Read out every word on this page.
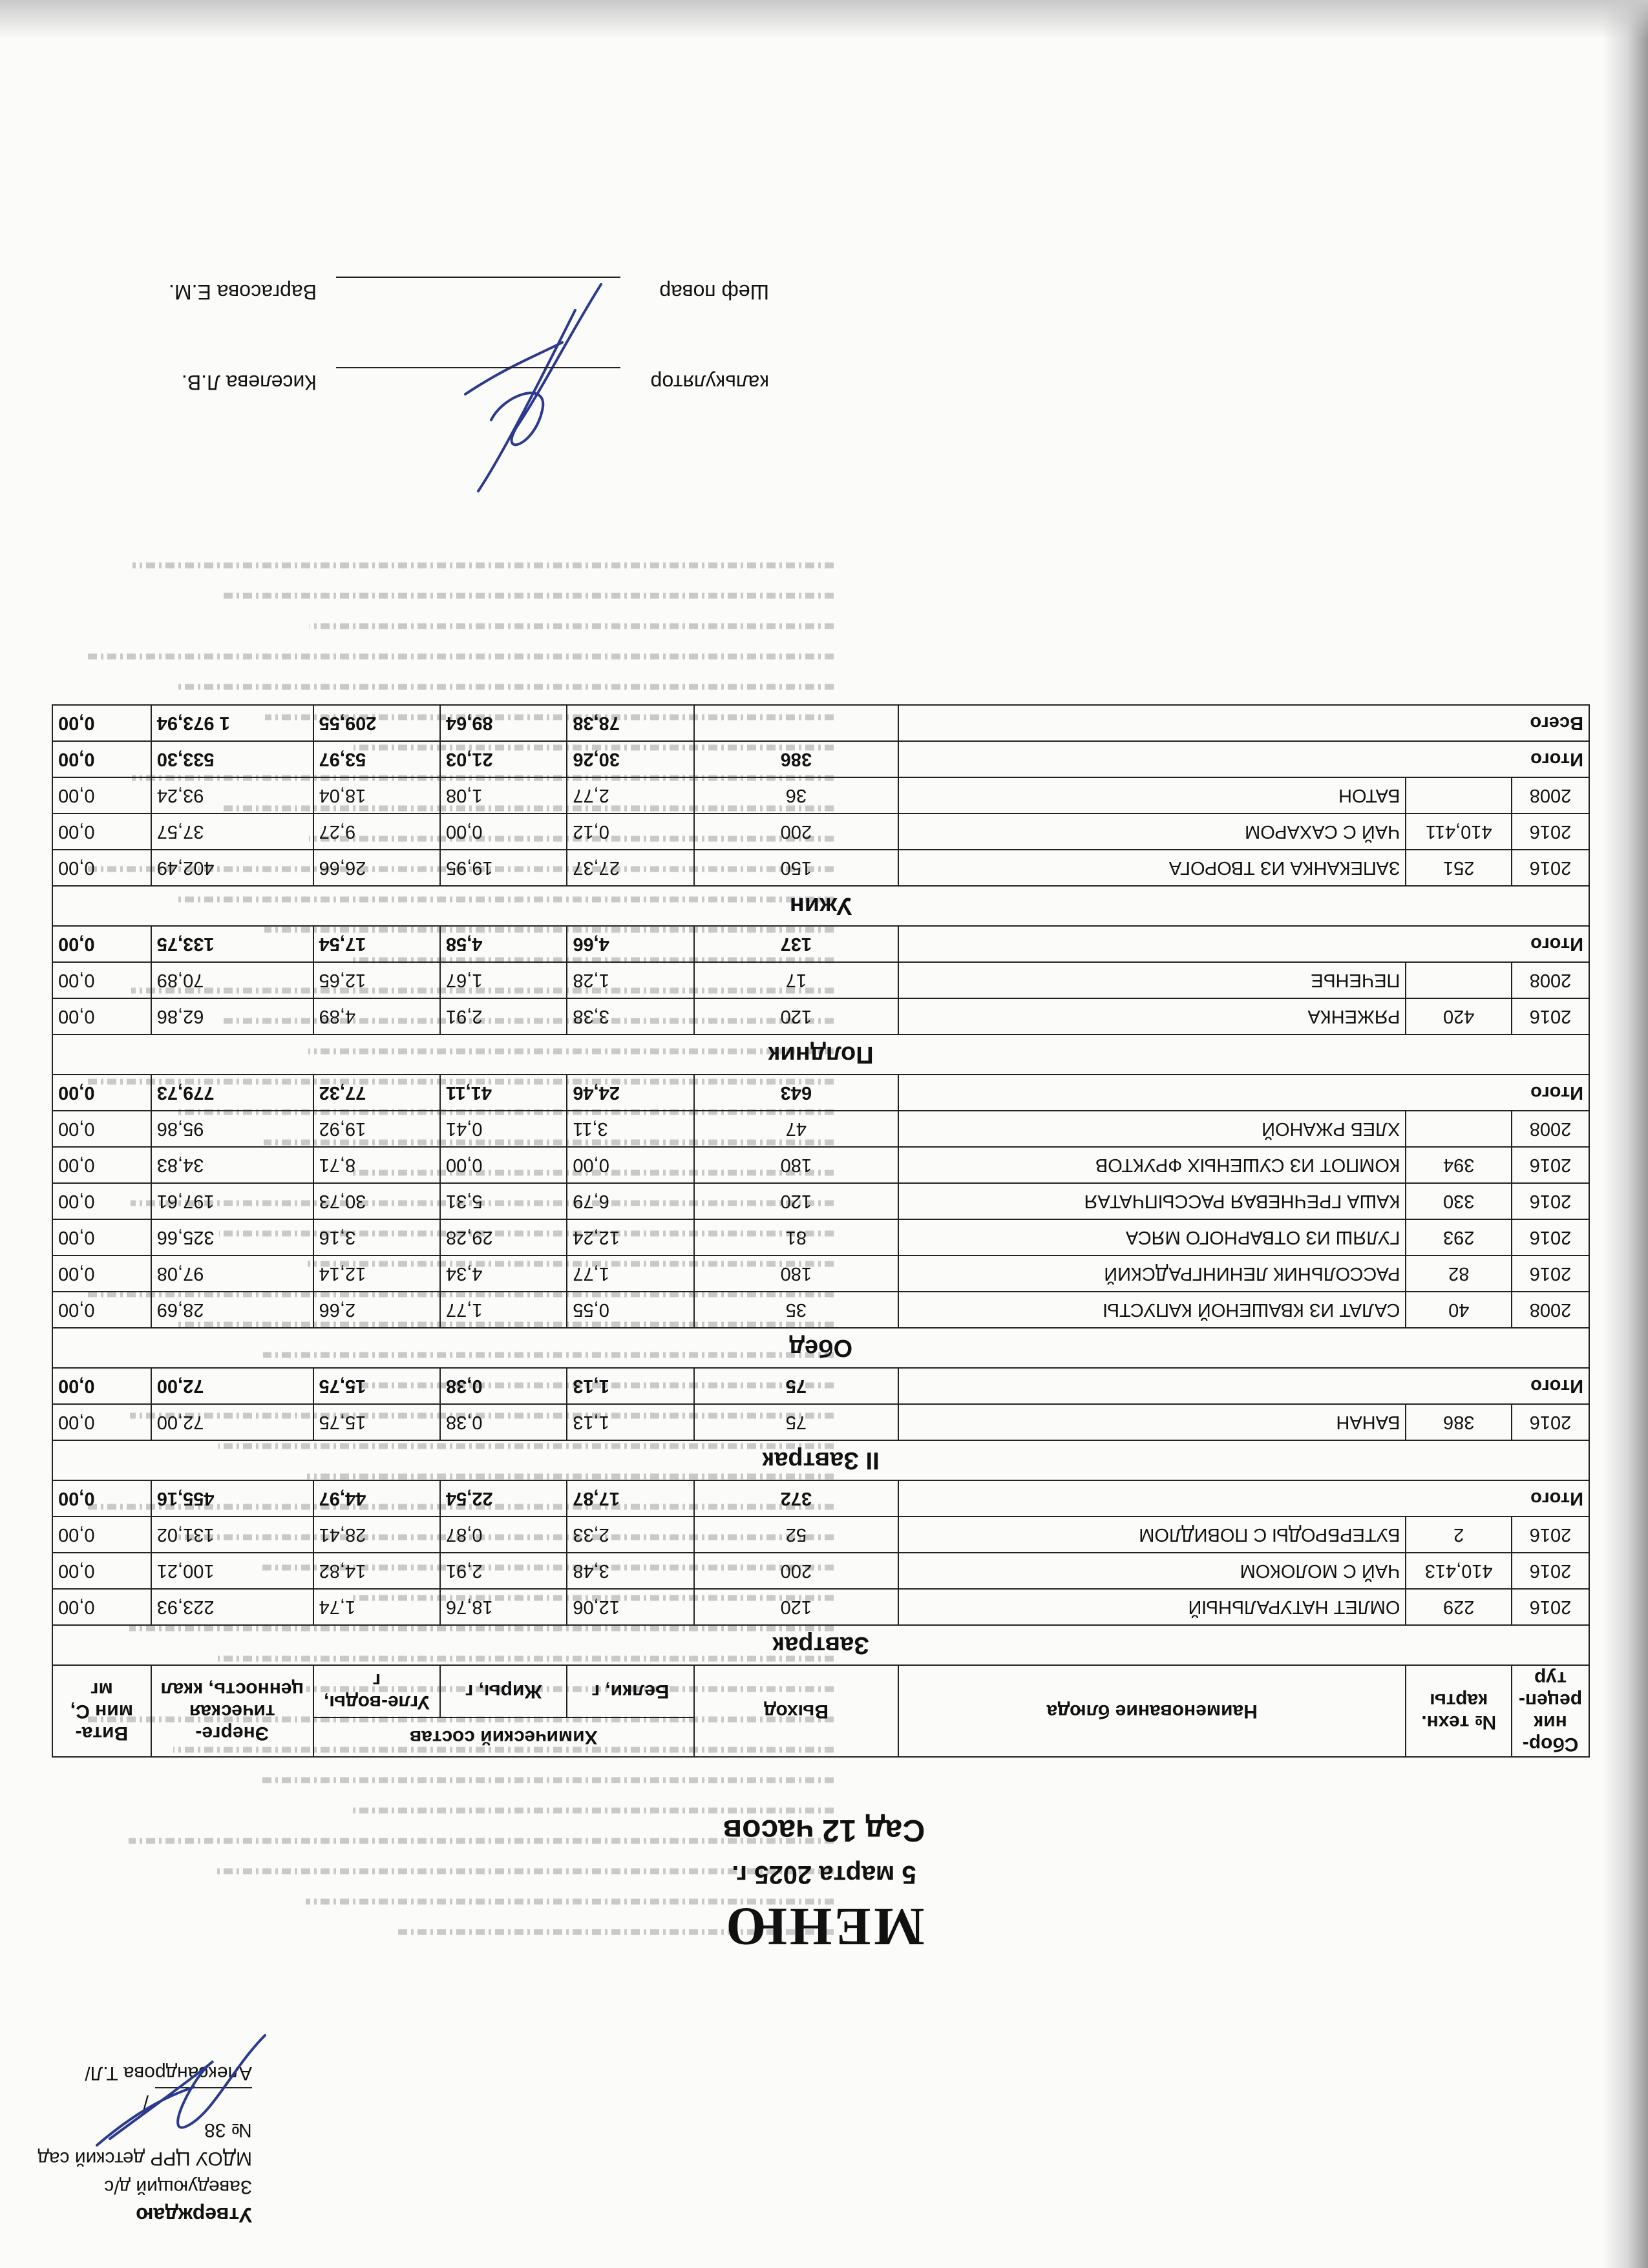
Утверждаю
Заведующий д/с
МДОУ ЦРР детский сад № 38
/Александрова Т.Л/
МЕНЮ
5 марта 2025 г.
Сад 12 часов
Сбор-ник рецеп-тур	№ техн. карты	Наименование блюда	Выход	Химический состав			Энерге-тическая ценность, ккал	Вита-мин С, мг
				Белки, г	Жиры, г	Угле-воды, г		
Завтрак								
2016	229	ОМЛЕТ НАТУРАЛЬНЫЙ	120	12,06	18,76	1,74	223,93	0,00
2016	410,413	ЧАЙ С МОЛОКОМ	200	3,48	2,91	14,82	100,21	0,00
2016	2	БУТЕРБРОДЫ С ПОВИДЛОМ	52	2,33	0,87	28,41	131,02	0,00
Итого			372	17,87	22,54	44,97	455,16	0,00
II Завтрак								
2016	386	БАНАН	75	1,13	0,38	15,75	72,00	0,00
Итого			75	1,13	0,38	15,75	72,00	0,00
Обед								
2008	40	САЛАТ ИЗ КВАШЕНОЙ КАПУСТЫ	35	0,55	1,77	2,66	28,69	0,00
2016	82	РАССОЛЬНИК ЛЕНИНГРАДСКИЙ	180	1,77	4,34	12,14	97,08	0,00
2016	293	ГУЛЯШ ИЗ ОТВАРНОГО МЯСА	81	12,24	29,28	3,16	325,66	0,00
2016	330	КАША ГРЕЧНЕВАЯ РАССЫПЧАТАЯ	120	6,79	5,31	30,73	197,61	0,00
2016	394	КОМПОТ ИЗ СУШЕНЫХ ФРУКТОВ	180	0,00	0,00	8,71	34,83	0,00
2008		ХЛЕБ РЖАНОЙ	47	3,11	0,41	19,92	95,86	0,00
Итого			643	24,46	41,11	77,32	779,73	0,00
Полдник								
2016	420	РЯЖЕНКА	120	3,38	2,91	4,89	62,86	0,00
2008		ПЕЧЕНЬЕ	17	1,28	1,67	12,65	70,89	0,00
Итого			137	4,66	4,58	17,54	133,75	0,00
Ужин								
2016	251	ЗАПЕКАНКА ИЗ ТВОРОГА	150	27,37	19,95	26,66	402,49	0,00
2016	410,411	ЧАЙ С САХАРОМ	200	0,12	0,00	9,27	37,57	0,00
2008		БАТОН	36	2,77	1,08	18,04	93,24	0,00
Итого			386	30,26	21,03	53,97	533,30	0,00
Всего				78,38	89,64	209,55	1 973,94	0,00
калькулятор
Киселева Л.В.
Шеф повар
Варгасова Е.М.
